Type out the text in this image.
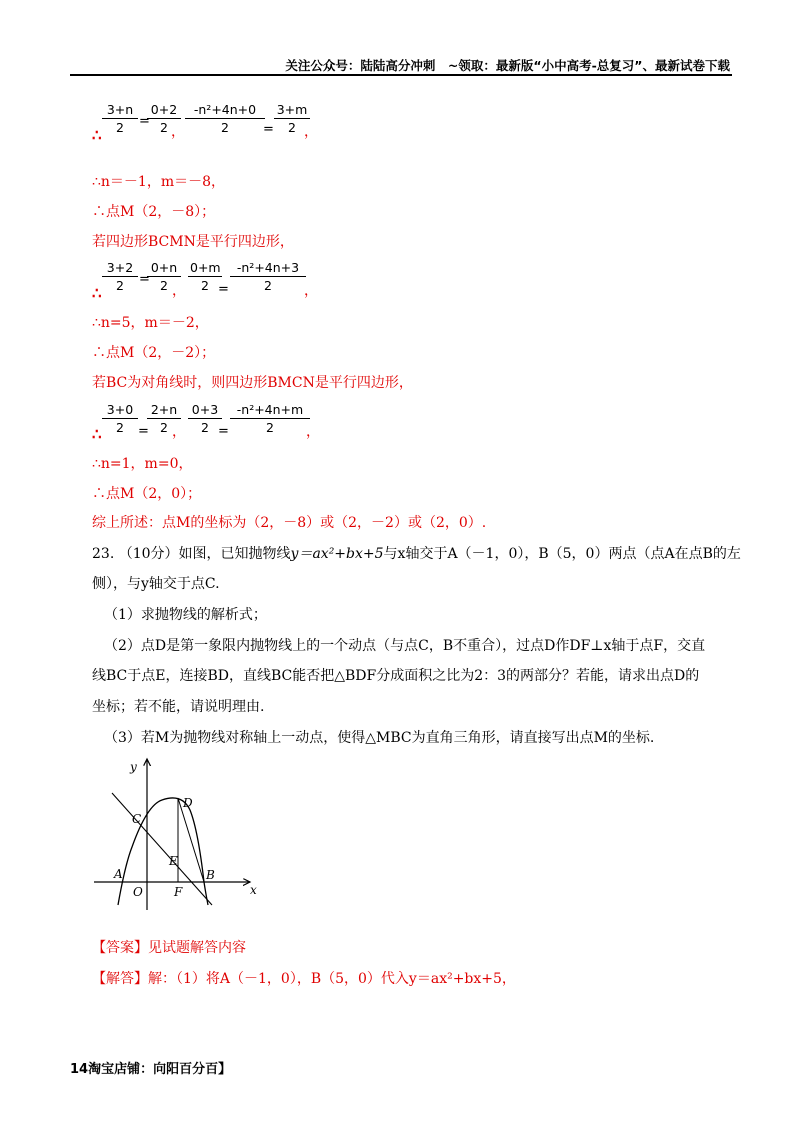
关注公众号：陆陆高分冲刺　~领取：最新版“小中高考-总复习”、最新试卷下载
∴
3+n
2	=
0+2
2 ，
-n²+4n+0
2	=
3+m
2 ，
∴n＝－1，m＝－8，
∴点M（2，－8）；
若四边形BCMN是平行四边形，
∴
3+2
2	=
0+n
2 ，
0+m
2 =
-n²+4n+3
2	，
∴n=5，m＝－2，
∴点M（2，－2）；
若BC为对角线时，则四边形BMCN是平行四边形，
∴
3+0
2	=
2+n
2 ，
0+3
2 =
-n²+4n+m
2	，
∴n=1，m=0，
∴点M（2，0）；
综上所述：点M的坐标为（2，－8）或（2，－2）或（2，0）.
23. （10分）如图，已知抛物线y＝ax²+bx+5与x轴交于A（－1，0），B（5，0）两点（点A在点B的左
侧），与y轴交于点C.
（1）求抛物线的解析式；
（2）点D是第一象限内抛物线上的一个动点（与点C，B不重合），过点D作DF⊥x轴于点F，交直
线BC于点E，连接BD，直线BC能否把△BDF分成面积之比为2：3的两部分？若能，请求出点D的
坐标；若不能，请说明理由.
（3）若M为抛物线对称轴上一动点，使得△MBC为直角三角形，请直接写出点M的坐标.
y
x
C
D
E
A
O	F
B
【答案】见试题解答内容
【解答】解：（1）将A（－1，0），B（5，0）代入y＝ax²+bx+5，
14淘宝店铺：向阳百分百】
